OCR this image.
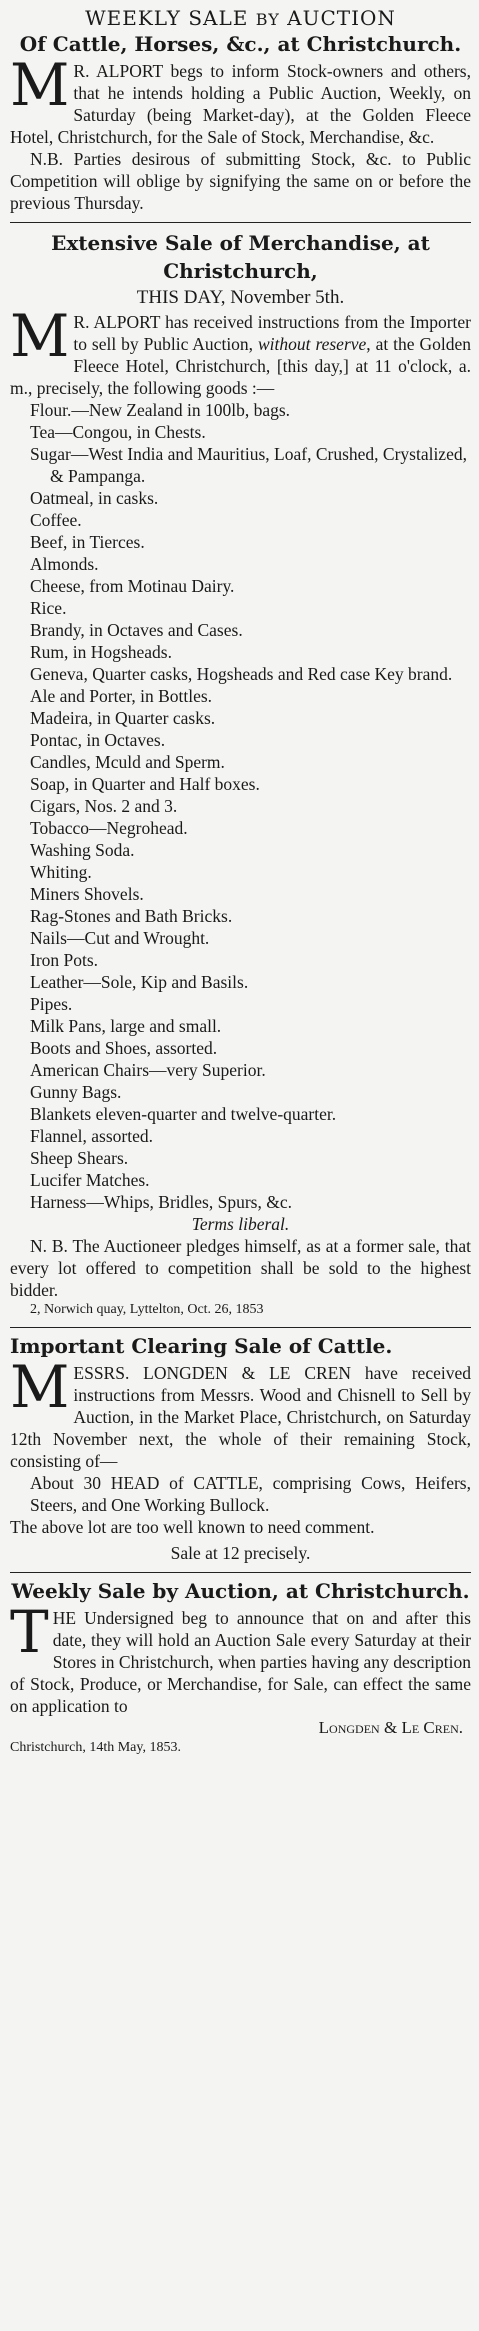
WEEKLY SALE BY AUCTION
Of Cattle, Horses, &c., at Christchurch.

M R. ALPORT begs to inform Stock-owners and others, that he intends holding a Public Auction, Weekly, on Saturday (being Market-day), at the Golden Fleece Hotel, Christchurch, for the Sale of Stock, Merchandise, &c.

N.B. Parties desirous of submitting Stock, &c. to Public Competition will oblige by signifying the same on or before the previous Thursday.

Extensive Sale of Merchandise, at Christchurch,

THIS DAY, November 5th.

M R. ALPORT has received instructions from the Importer to sell by Public Auction, without reserve, at the Golden Fleece Hotel, Christchurch, [this day,] at 11 o'clock, a. m., precisely, the following goods :—

Flour.—New Zealand in 100lb, bags.
Tea—Congou, in Chests.
Sugar—West India and Mauritius, Loaf, Crushed, Crystalized, & Pampanga.
Oatmeal, in casks.
Coffee.
Beef, in Tierces.
Almonds.
Cheese, from Motinau Dairy.
Rice.
Brandy, in Octaves and Cases.
Rum, in Hogsheads.
Geneva, Quarter casks, Hogsheads and Red case Key brand.
Ale and Porter, in Bottles.
Madeira, in Quarter casks.
Pontac, in Octaves.
Candles, Mculd and Sperm.
Soap, in Quarter and Half boxes.
Cigars, Nos. 2 and 3.
Tobacco—Negrohead.
Washing Soda.
Whiting.
Miners Shovels.
Rag-Stones and Bath Bricks.
Nails—Cut and Wrought.
Iron Pots.
Leather—Sole, Kip and Basils.
Pipes.
Milk Pans, large and small.
Boots and Shoes, assorted.
American Chairs—very Superior.
Gunny Bags.
Blankets eleven-quarter and twelve-quarter.
Flannel, assorted.
Sheep Shears.
Lucifer Matches.
Harness—Whips, Bridles, Spurs, &c.
Terms liberal.

N. B. The Auctioneer pledges himself, as at a former sale, that every lot offered to competition shall be sold to the highest bidder.

2, Norwich quay, Lyttelton, Oct. 26, 1853

Important Clearing Sale of Cattle.

MESSRS. LONGDEN & LE CREN have received instructions from Messrs. Wood and Chisnell to Sell by Auction, in the Market Place, Christchurch, on Saturday 12th November next, the whole of their remaining Stock, consisting of—

About 30 HEAD of CATTLE, comprising Cows, Heifers, Steers, and One Working Bullock.

The above lot are too well known to need comment.

Sale at 12 precisely.

Weekly Sale by Auction, at Christchurch.

THE Undersigned beg to announce that on and after this date, they will hold an Auction Sale every Saturday at their Stores in Christchurch, when parties having any description of Stock, Produce, or Merchandise, for Sale, can effect the same on application to

Longden & Le Cren.

Christchurch, 14th May, 1853.
